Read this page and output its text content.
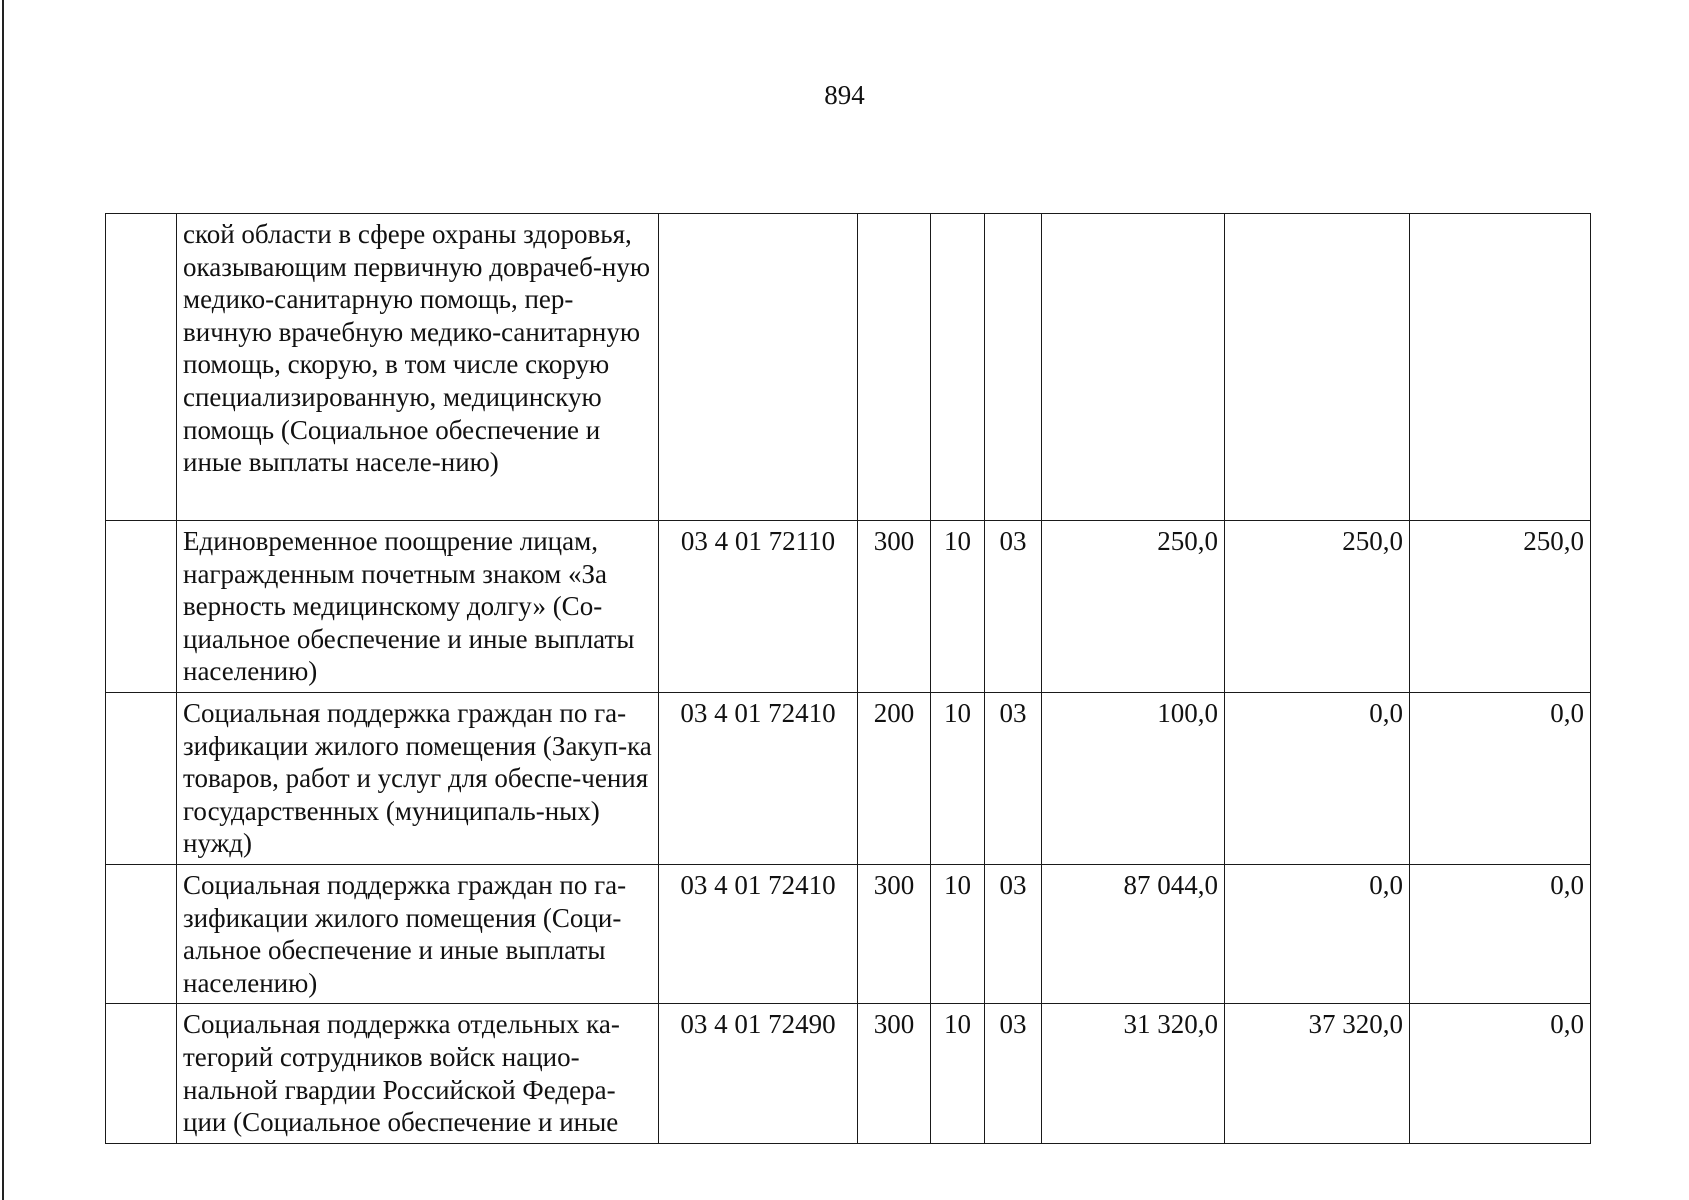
894
	ской области в сфере охраны здоровья, оказывающим первичную доврачеб-ную медико-санитарную помощь, пер-вичную врачебную медико-санитарную помощь, скорую, в том числе скорую специализированную, медицинскую помощь (Социальное обеспечение и иные выплаты населе-нию)							
	Единовременное поощрение лицам, награжденным почетным знаком «За верность медицинскому долгу» (Со-циальное обеспечение и иные выплаты населению)	03 4 01 72110	300	10	03	250,0	250,0	250,0
	Социальная поддержка граждан по га-зификации жилого помещения (Закуп-ка товаров, работ и услуг для обеспе-чения государственных (муниципаль-ных) нужд)	03 4 01 72410	200	10	03	100,0	0,0	0,0
	Социальная поддержка граждан по га-зификации жилого помещения (Соци-альное обеспечение и иные выплаты населению)	03 4 01 72410	300	10	03	87 044,0	0,0	0,0
	Социальная поддержка отдельных ка-тегорий сотрудников войск нацио-нальной гвардии Российской Федера-ции (Социальное обеспечение и иные	03 4 01 72490	300	10	03	31 320,0	37 320,0	0,0
